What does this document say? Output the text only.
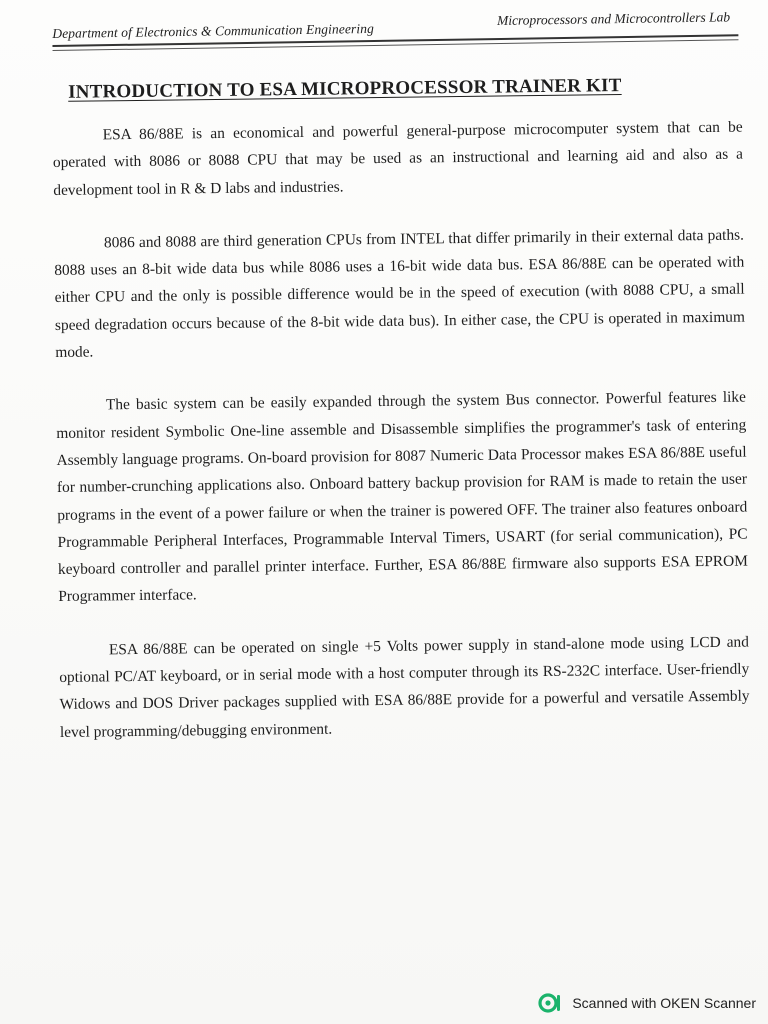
Department of Electronics & Communication Engineering
Microprocessors and Microcontrollers Lab
INTRODUCTION TO ESA MICROPROCESSOR TRAINER KIT

ESA 86/88E is an economical and powerful general-purpose microcomputer system that can be operated with 8086 or 8088 CPU that may be used as an instructional and learning aid and also as a development tool in R & D labs and industries.

8086 and 8088 are third generation CPUs from INTEL that differ primarily in their external data paths. 8088 uses an 8-bit wide data bus while 8086 uses a 16-bit wide data bus. ESA 86/88E can be operated with either CPU and the only is possible difference would be in the speed of execution (with 8088 CPU, a small speed degradation occurs because of the 8-bit wide data bus). In either case, the CPU is operated in maximum mode.

The basic system can be easily expanded through the system Bus connector. Powerful features like monitor resident Symbolic One-line assemble and Disassemble simplifies the programmer's task of entering Assembly language programs. On-board provision for 8087 Numeric Data Processor makes ESA 86/88E useful for number-crunching applications also. Onboard battery backup provision for RAM is made to retain the user programs in the event of a power failure or when the trainer is powered OFF. The trainer also features onboard Programmable Peripheral Interfaces, Programmable Interval Timers, USART (for serial communication), PC keyboard controller and parallel printer interface. Further, ESA 86/88E firmware also supports ESA EPROM Programmer interface.

ESA 86/88E can be operated on single +5 Volts power supply in stand-alone mode using LCD and optional PC/AT keyboard, or in serial mode with a host computer through its RS-232C interface. User-friendly Widows and DOS Driver packages supplied with ESA 86/88E provide for a powerful and versatile Assembly level programming/debugging environment.

Scanned with OKEN Scanner
